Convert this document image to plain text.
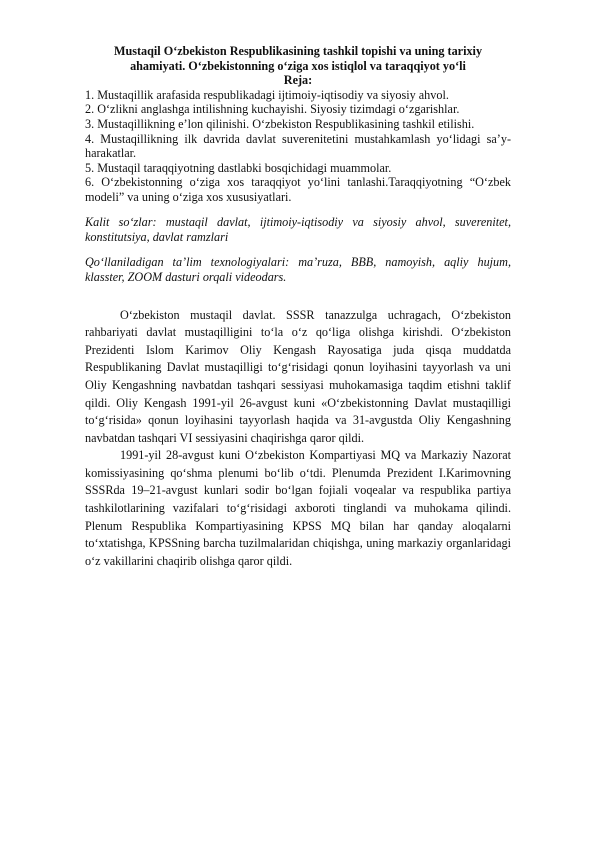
Mustaqil O‘zbekiston Respublikasining tashkil topishi va uning tarixiy

ahamiyati. O‘zbekistonning o‘ziga xos istiqlol va taraqqiyot yo‘li

Reja:

1. Mustaqillik arafasida respublikadagi ijtimoiy-iqtisodiy va siyosiy ahvol.
2. O‘zlikni anglashga intilishning kuchayishi. Siyosiy tizimdagi o‘zgarishlar.
3. Mustaqillikning e’lon qilinishi. O‘zbekiston Respublikasining tashkil etilishi.
4. Mustaqillikning ilk davrida davlat suverenitetini mustahkamlash yo‘lidagi sa’y-harakatlar.
5. Mustaqil taraqqiyotning dastlabki bosqichidagi muammolar.
6. O‘zbekistonning o‘ziga xos taraqqiyot yo‘lini tanlashi.Taraqqiyotning “O‘zbek modeli” va uning o‘ziga xos xususiyatlari.

Kalit so‘zlar: mustaqil davlat, ijtimoiy-iqtisodiy va siyosiy ahvol, suverenitet, konstitutsiya, davlat ramzlari

Qo‘llaniladigan ta’lim texnologiyalari: ma’ruza, BBB, namoyish, aqliy hujum, klasster, ZOOM dasturi orqali videodars.

O‘zbekiston mustaqil davlat. SSSR tanazzulga uchragach, O‘zbekiston rahbariyati davlat mustaqilligini to‘la o‘z qo‘liga olishga kirishdi. O‘zbekiston Prezidenti Islom Karimov Oliy Kengash Rayosatiga juda qisqa muddatda Respublikaning Davlat mustaqilligi to‘g‘risidagi qonun loyihasini tayyorlash va uni Oliy Kengashning navbatdan tashqari sessiyasi muhokamasiga taqdim etishni taklif qildi. Oliy Kengash 1991-yil 26-avgust kuni «O‘zbekistonning Davlat mustaqilligi to‘g‘risida» qonun loyihasini tayyorlash haqida va 31-avgustda Oliy Kengashning navbatdan tashqari VI sessiyasini chaqirishga qaror qildi.

1991-yil 28-avgust kuni O‘zbekiston Kompartiyasi MQ va Markaziy Nazorat komissiyasining qo‘shma plenumi bo‘lib o‘tdi. Plenumda Prezident I.Karimovning SSSRda 19–21-avgust kunlari sodir bo‘lgan fojiali voqealar va respublika partiya tashkilotlarining vazifalari to‘g‘risidagi axboroti tinglandi va muhokama qilindi. Plenum Respublika Kompartiyasining KPSS MQ bilan har qanday aloqalarni to‘xtatishga, KPSSning barcha tuzilmalaridan chiqishga, uning markaziy organlaridagi o‘z vakillarini chaqirib olishga qaror qildi.
